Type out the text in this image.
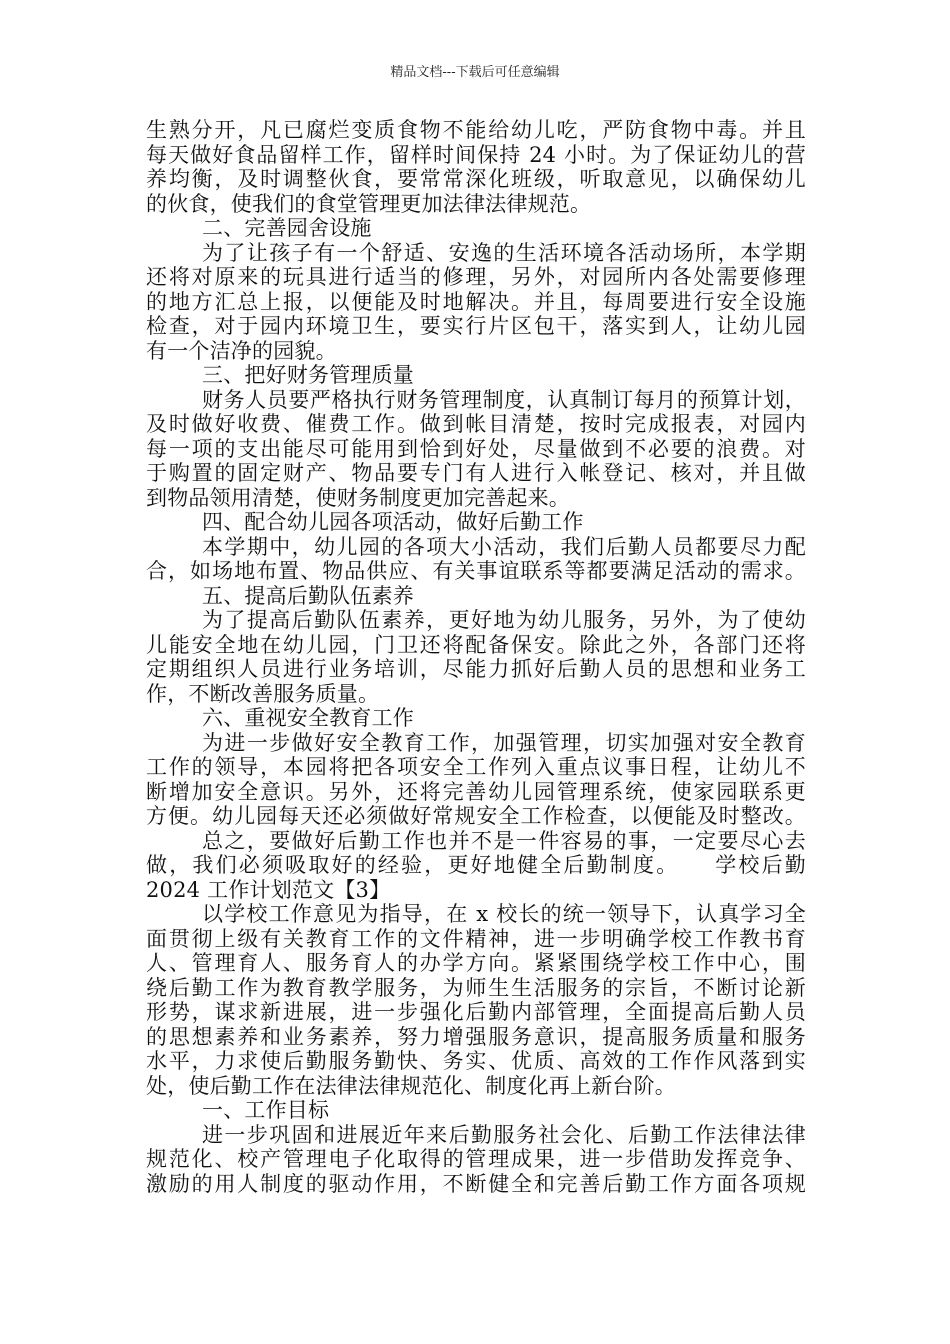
精品文档---下载后可任意编辑
生熟分开，凡已腐烂变质食物不能给幼儿吃，严防食物中毒。并且
每天做好食品留样工作，留样时间保持 24 小时。为了保证幼儿的营
养均衡，及时调整伙食，要常常深化班级，听取意见，以确保幼儿
的伙食，使我们的食堂管理更加法律法律规范。
二、完善园舍设施
为了让孩子有一个舒适、安逸的生活环境各活动场所，本学期
还将对原来的玩具进行适当的修理，另外，对园所内各处需要修理
的地方汇总上报，以便能及时地解决。并且，每周要进行安全设施
检查，对于园内环境卫生，要实行片区包干，落实到人，让幼儿园
有一个洁净的园貌。
三、把好财务管理质量
财务人员要严格执行财务管理制度，认真制订每月的预算计划，
及时做好收费、催费工作。做到帐目清楚，按时完成报表，对园内
每一项的支出能尽可能用到恰到好处，尽量做到不必要的浪费。对
于购置的固定财产、物品要专门有人进行入帐登记、核对，并且做
到物品领用清楚，使财务制度更加完善起来。
四、配合幼儿园各项活动，做好后勤工作
本学期中，幼儿园的各项大小活动，我们后勤人员都要尽力配
合，如场地布置、物品供应、有关事谊联系等都要满足活动的需求。
五、提高后勤队伍素养
为了提高后勤队伍素养，更好地为幼儿服务，另外，为了使幼
儿能安全地在幼儿园，门卫还将配备保安。除此之外，各部门还将
定期组织人员进行业务培训，尽能力抓好后勤人员的思想和业务工
作，不断改善服务质量。
六、重视安全教育工作
为进一步做好安全教育工作，加强管理，切实加强对安全教育
工作的领导，本园将把各项安全工作列入重点议事日程，让幼儿不
断增加安全意识。另外，还将完善幼儿园管理系统，使家园联系更
方便。幼儿园每天还必须做好常规安全工作检查，以便能及时整改。
总之，要做好后勤工作也并不是一件容易的事，一定要尽心去
做，我们必须吸取好的经验，更好地健全后勤制度。　　学校后勤
2024 工作计划范文【3】
以学校工作意见为指导，在 x 校长的统一领导下，认真学习全
面贯彻上级有关教育工作的文件精神，进一步明确学校工作教书育
人、管理育人、服务育人的办学方向。紧紧围绕学校工作中心，围
绕后勤工作为教育教学服务，为师生生活服务的宗旨，不断讨论新
形势，谋求新进展，进一步强化后勤内部管理，全面提高后勤人员
的思想素养和业务素养，努力增强服务意识，提高服务质量和服务
水平，力求使后勤服务勤快、务实、优质、高效的工作作风落到实
处，使后勤工作在法律法律规范化、制度化再上新台阶。
一、工作目标
进一步巩固和进展近年来后勤服务社会化、后勤工作法律法律
规范化、校产管理电子化取得的管理成果，进一步借助发挥竞争、
激励的用人制度的驱动作用，不断健全和完善后勤工作方面各项规
